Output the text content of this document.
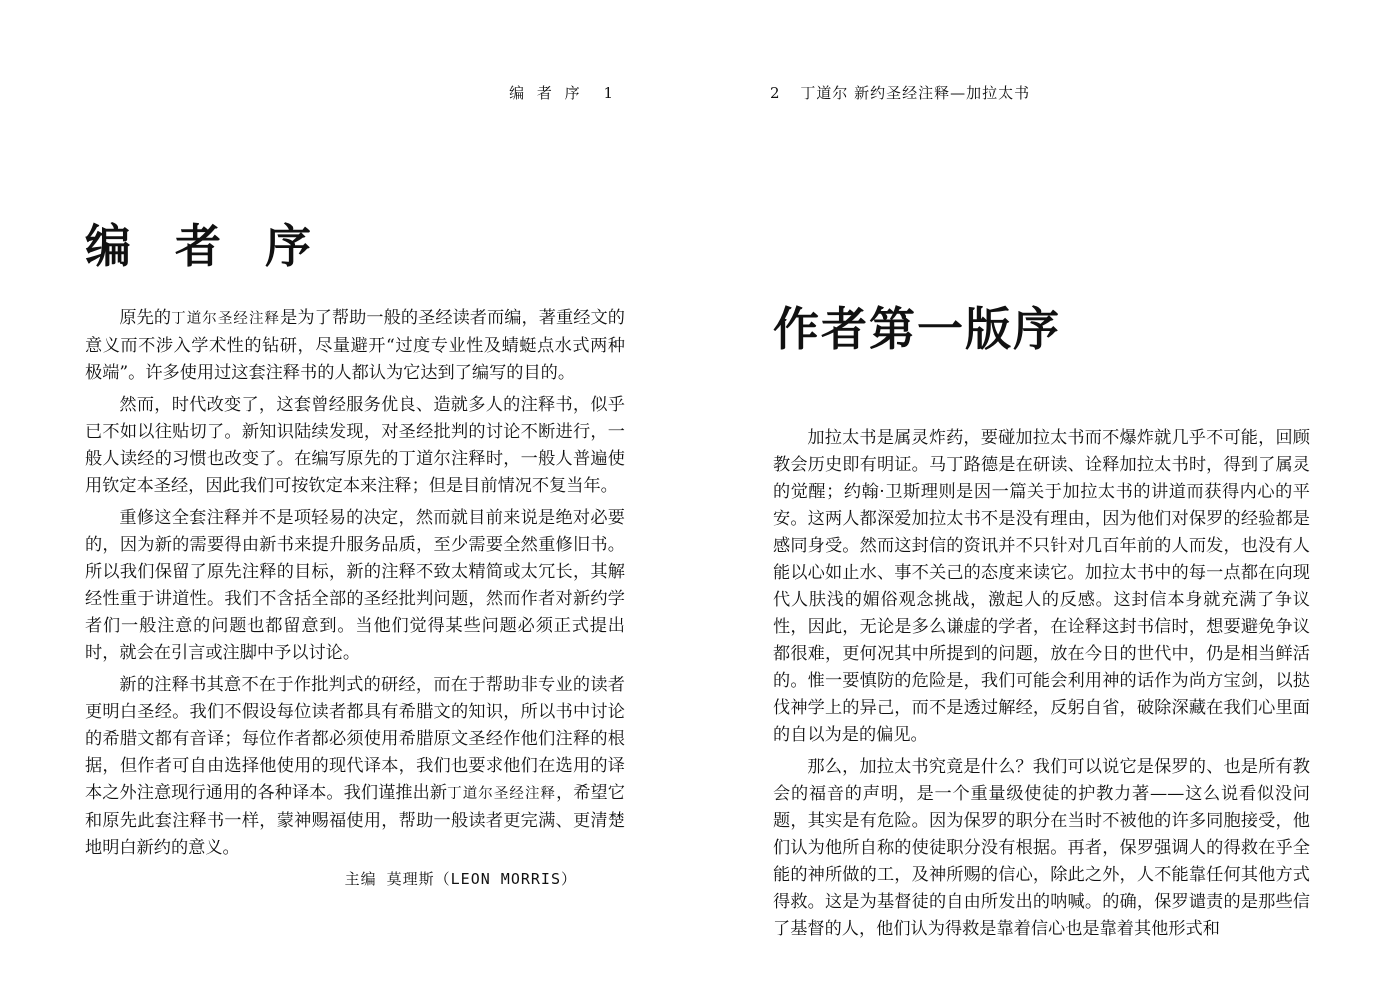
编 者 序 1
编 者 序

原先的丁道尔圣经注释是为了帮助一般的圣经读者而编，著重经文的意义而不涉入学术性的钻研，尽量避开“过度专业性及蜻蜓点水式两种极端”。许多使用过这套注释书的人都认为它达到了编写的目的。

然而，时代改变了，这套曾经服务优良、造就多人的注释书，似乎已不如以往贴切了。新知识陆续发现，对圣经批判的讨论不断进行，一般人读经的习惯也改变了。在编写原先的丁道尔注释时，一般人普遍使用钦定本圣经，因此我们可按钦定本来注释；但是目前情况不复当年。

重修这全套注释并不是项轻易的决定，然而就目前来说是绝对必要的，因为新的需要得由新书来提升服务品质，至少需要全然重修旧书。所以我们保留了原先注释的目标，新的注释不致太精简或太冗长，其解经性重于讲道性。我们不含括全部的圣经批判问题，然而作者对新约学者们一般注意的问题也都留意到。当他们觉得某些问题必须正式提出时，就会在引言或注脚中予以讨论。

新的注释书其意不在于作批判式的研经，而在于帮助非专业的读者更明白圣经。我们不假设每位读者都具有希腊文的知识，所以书中讨论的希腊文都有音译；每位作者都必须使用希腊原文圣经作他们注释的根据，但作者可自由选择他使用的现代译本，我们也要求他们在选用的译本之外注意现行通用的各种译本。我们谨推出新丁道尔圣经注释，希望它和原先此套注释书一样，蒙神赐福使用，帮助一般读者更完满、更清楚地明白新约的意义。

主编 莫理斯（LEON MORRIS）
2 丁道尔 新约圣经注释—加拉太书
作者第一版序

加拉太书是属灵炸药，要碰加拉太书而不爆炸就几乎不可能，回顾教会历史即有明证。马丁路德是在研读、诠释加拉太书时，得到了属灵的觉醒；约翰·卫斯理则是因一篇关于加拉太书的讲道而获得内心的平安。这两人都深爱加拉太书不是没有理由，因为他们对保罗的经验都是感同身受。然而这封信的资讯并不只针对几百年前的人而发，也没有人能以心如止水、事不关己的态度来读它。加拉太书中的每一点都在向现代人肤浅的媚俗观念挑战，激起人的反感。这封信本身就充满了争议性，因此，无论是多么谦虚的学者，在诠释这封书信时，想要避免争议都很难，更何况其中所提到的问题，放在今日的世代中，仍是相当鲜活的。惟一要慎防的危险是，我们可能会利用神的话作为尚方宝剑，以挞伐神学上的异己，而不是透过解经，反躬自省，破除深藏在我们心里面的自以为是的偏见。

那么，加拉太书究竟是什么？我们可以说它是保罗的、也是所有教会的福音的声明，是一个重量级使徒的护教力著——这么说看似没问题，其实是有危险。因为保罗的职分在当时不被他的许多同胞接受，他们认为他所自称的使徒职分没有根据。再者，保罗强调人的得救在乎全能的神所做的工，及神所赐的信心，除此之外，人不能靠任何其他方式得救。这是为基督徒的自由所发出的呐喊。的确，保罗谴责的是那些信了基督的人，他们认为得救是靠着信心也是靠着其他形式和
